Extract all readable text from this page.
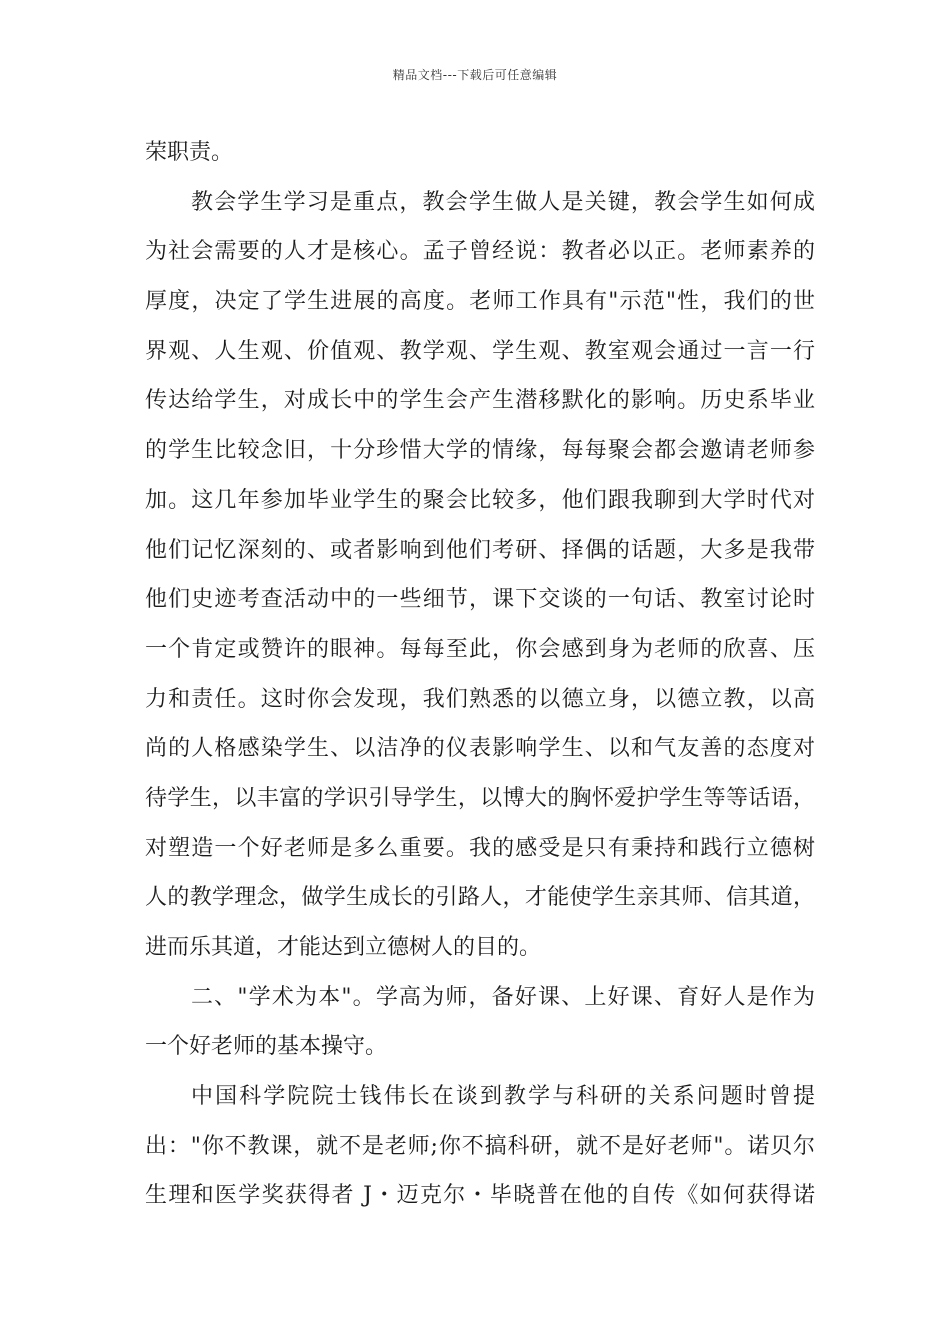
精品文档---下载后可任意编辑
荣职责。
教会学生学习是重点，教会学生做人是关键，教会学生如何成
为社会需要的人才是核心。孟子曾经说：教者必以正。老师素养的
厚度，决定了学生进展的高度。老师工作具有"示范"性，我们的世
界观、人生观、价值观、教学观、学生观、教室观会通过一言一行
传达给学生，对成长中的学生会产生潜移默化的影响。历史系毕业
的学生比较念旧，十分珍惜大学的情缘，每每聚会都会邀请老师参
加。这几年参加毕业学生的聚会比较多，他们跟我聊到大学时代对
他们记忆深刻的、或者影响到他们考研、择偶的话题，大多是我带
他们史迹考查活动中的一些细节，课下交谈的一句话、教室讨论时
一个肯定或赞许的眼神。每每至此，你会感到身为老师的欣喜、压
力和责任。这时你会发现，我们熟悉的以德立身，以德立教，以高
尚的人格感染学生、以洁净的仪表影响学生、以和气友善的态度对
待学生，以丰富的学识引导学生，以博大的胸怀爱护学生等等话语，
对塑造一个好老师是多么重要。我的感受是只有秉持和践行立德树
人的教学理念，做学生成长的引路人，才能使学生亲其师、信其道，
进而乐其道，才能达到立德树人的目的。
二、"学术为本"。学高为师，备好课、上好课、育好人是作为
一个好老师的基本操守。
中国科学院院士钱伟长在谈到教学与科研的关系问题时曾提
出："你不教课，就不是老师;你不搞科研，就不是好老师"。诺贝尔
生理和医学奖获得者 J・迈克尔・毕晓普在他的自传《如何获得诺
